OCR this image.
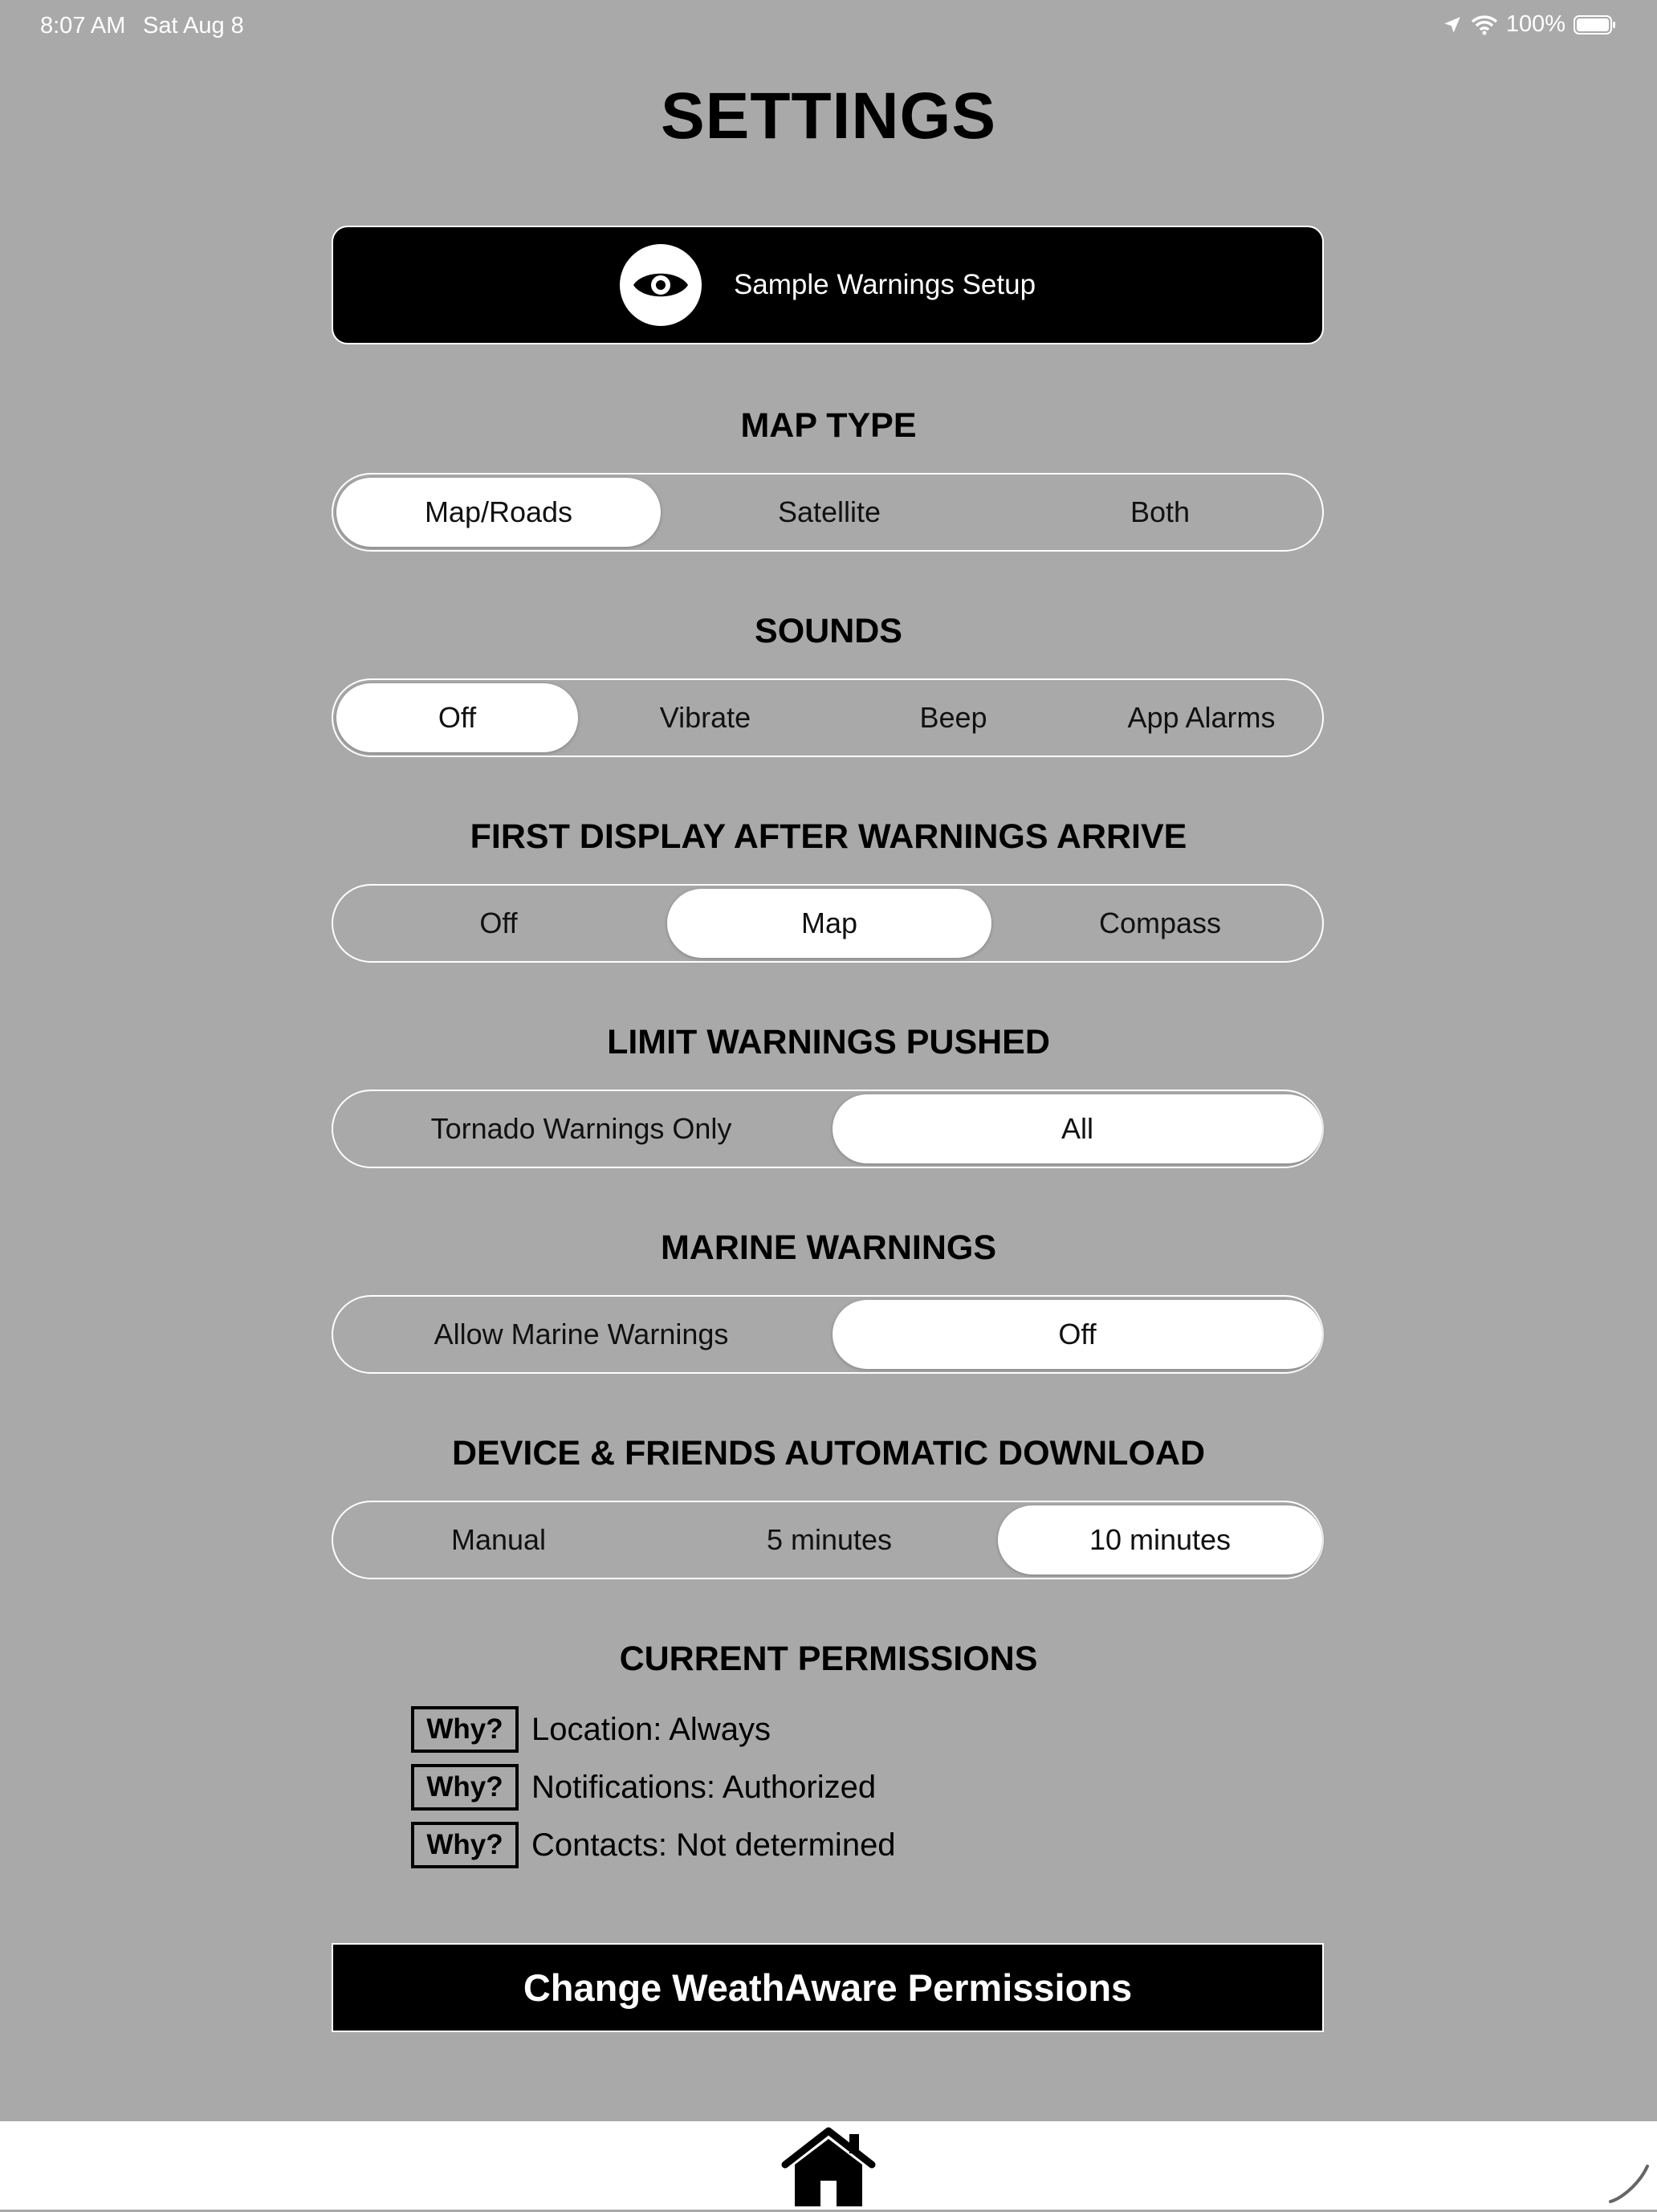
8:07 AM Sat Aug 8	100%
SETTINGS
Sample Warnings Setup
MAP TYPE
Map/Roads	Satellite	Both
SOUNDS
Off	Vibrate	Beep	App Alarms
FIRST DISPLAY AFTER WARNINGS ARRIVE
Off	Map	Compass
LIMIT WARNINGS PUSHED
Tornado Warnings Only	All
MARINE WARNINGS
Allow Marine Warnings	Off
DEVICE & FRIENDS AUTOMATIC DOWNLOAD
Manual	5 minutes	10 minutes
CURRENT PERMISSIONS
Why? Location: Always
Why? Notifications: Authorized
Why? Contacts: Not determined
Change WeathAware Permissions
